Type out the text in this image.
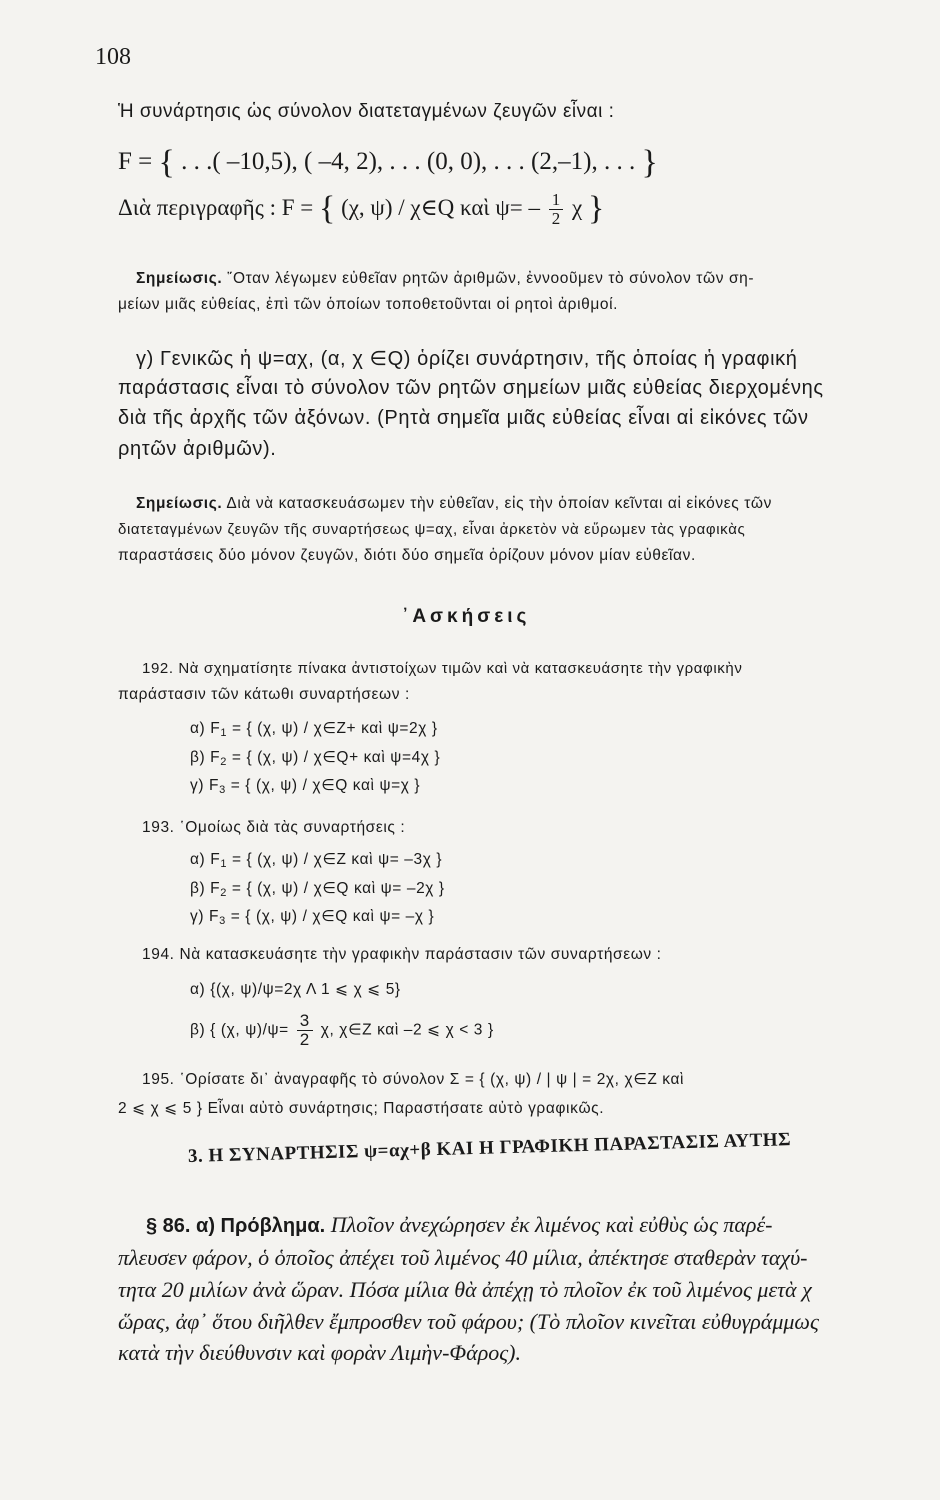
108
Ἡ συνάρτησις ὡς σύνολον διατεταγμένων ζευγῶν εἶναι :
F = { . . .( –10,5), ( –4, 2), . . . (0, 0), . . . (2,–1), . . . }
Διὰ περιγραφῆς : F = { (χ, ψ) / χ∈Q καὶ $\psi= - \frac{1}{2}$ χ }
Σημείωσις. ῞Οταν λέγωμεν εὐθεῖαν ρητῶν ἀριθμῶν, ἐννοοῦμεν τὸ σύνολον τῶν ση-
μείων μιᾶς εὐθείας, ἐπὶ τῶν ὁποίων τοποθετοῦνται οἱ ρητοὶ ἀριθμοί.
γ) Γενικῶς ἡ ψ=αχ, (α, χ ∈Q) ὁρίζει συνάρτησιν, τῆς ὁποίας ἡ γραφική
παράστασις εἶναι τὸ σύνολον τῶν ρητῶν σημείων μιᾶς εὐθείας διερχομένης
διὰ τῆς ἀρχῆς τῶν ἀξόνων. (Ρητὰ σημεῖα μιᾶς εὐθείας εἶναι αἱ εἰκόνες τῶν
ρητῶν ἀριθμῶν).
Σημείωσις. Διὰ νὰ κατασκευάσωμεν τὴν εὐθεῖαν, εἰς τὴν ὁποίαν κεῖνται αἱ εἰκόνες τῶν
διατεταγμένων ζευγῶν τῆς συναρτήσεως ψ=αχ, εἶναι ἀρκετὸν νὰ εὕρωμεν τὰς γραφικὰς
παραστάσεις δύο μόνον ζευγῶν, διότι δύο σημεῖα ὁρίζουν μόνον μίαν εὐθεῖαν.
᾿Ασκήσεις
192. Νὰ σχηματίσητε πίνακα ἀντιστοίχων τιμῶν καὶ νὰ κατασκευάσητε τὴν γραφικὴν
παράστασιν τῶν κάτωθι συναρτήσεων :
α) $F_1$ = { (χ, ψ) / χ∈Z+ καὶ ψ=2χ }
β) $F_2$ = { (χ, ψ) / χ∈Q+ καὶ ψ=4χ }
γ) $F_3$ = { (χ, ψ) / χ∈Q καὶ ψ=χ }
193. ῾Ομοίως διὰ τὰς συναρτήσεις :
α) $F_1$ = { (χ, ψ) / χ∈Z καὶ ψ= –3χ }
β) $F_2$ = { (χ, ψ) / χ∈Q καὶ ψ= –2χ }
γ) $F_3$ = { (χ, ψ) / χ∈Q καὶ ψ= –χ }
194. Νὰ κατασκευάσητε τὴν γραφικὴν παράστασιν τῶν συναρτήσεων :
α) {(χ, ψ)/ψ=2χ Λ 1 ⩽ χ ⩽ 5}
β) { (χ, $\psi)/\psi= \frac{3}{2} \chi$, χ∈Z καὶ –2 ⩽ χ < 3 }
195. ῾Ορίσατε δι᾿ ἀναγραφῆς τὸ σύνολον Σ = { (χ, ψ) / | ψ | = 2χ, χ∈Z καὶ
2 ⩽ χ ⩽ 5 } Εἶναι αὐτὸ συνάρτησις; Παραστήσατε αὐτὸ γραφικῶς.
3. Η ΣΥΝΑΡΤΗΣΙΣ ψ=αχ+β ΚΑΙ Η ΓΡΑΦΙΚΗ ΠΑΡΑΣΤΑΣΙΣ ΑΥΤΗΣ
§ 86. α) Πρόβλημα. Πλοῖον ἀνεχώρησεν ἐκ λιμένος καὶ εὐθὺς ὡς παρέ-
πλευσεν φάρον, ὁ ὁποῖος ἀπέχει τοῦ λιμένος 40 μίλια, ἀπέκτησε σταθερὰν ταχύ-
τητα 20 μιλίων ἀνὰ ὥραν. Πόσα μίλια θὰ ἀπέχῃ τὸ πλοῖον ἐκ τοῦ λιμένος μετὰ χ
ὥρας, ἀφ᾿ ὅτου διῆλθεν ἔμπροσθεν τοῦ φάρου; (Τὸ πλοῖον κινεῖται εὐθυγράμμως
κατὰ τὴν διεύθυνσιν καὶ φορὰν Λιμὴν-Φάρος).
